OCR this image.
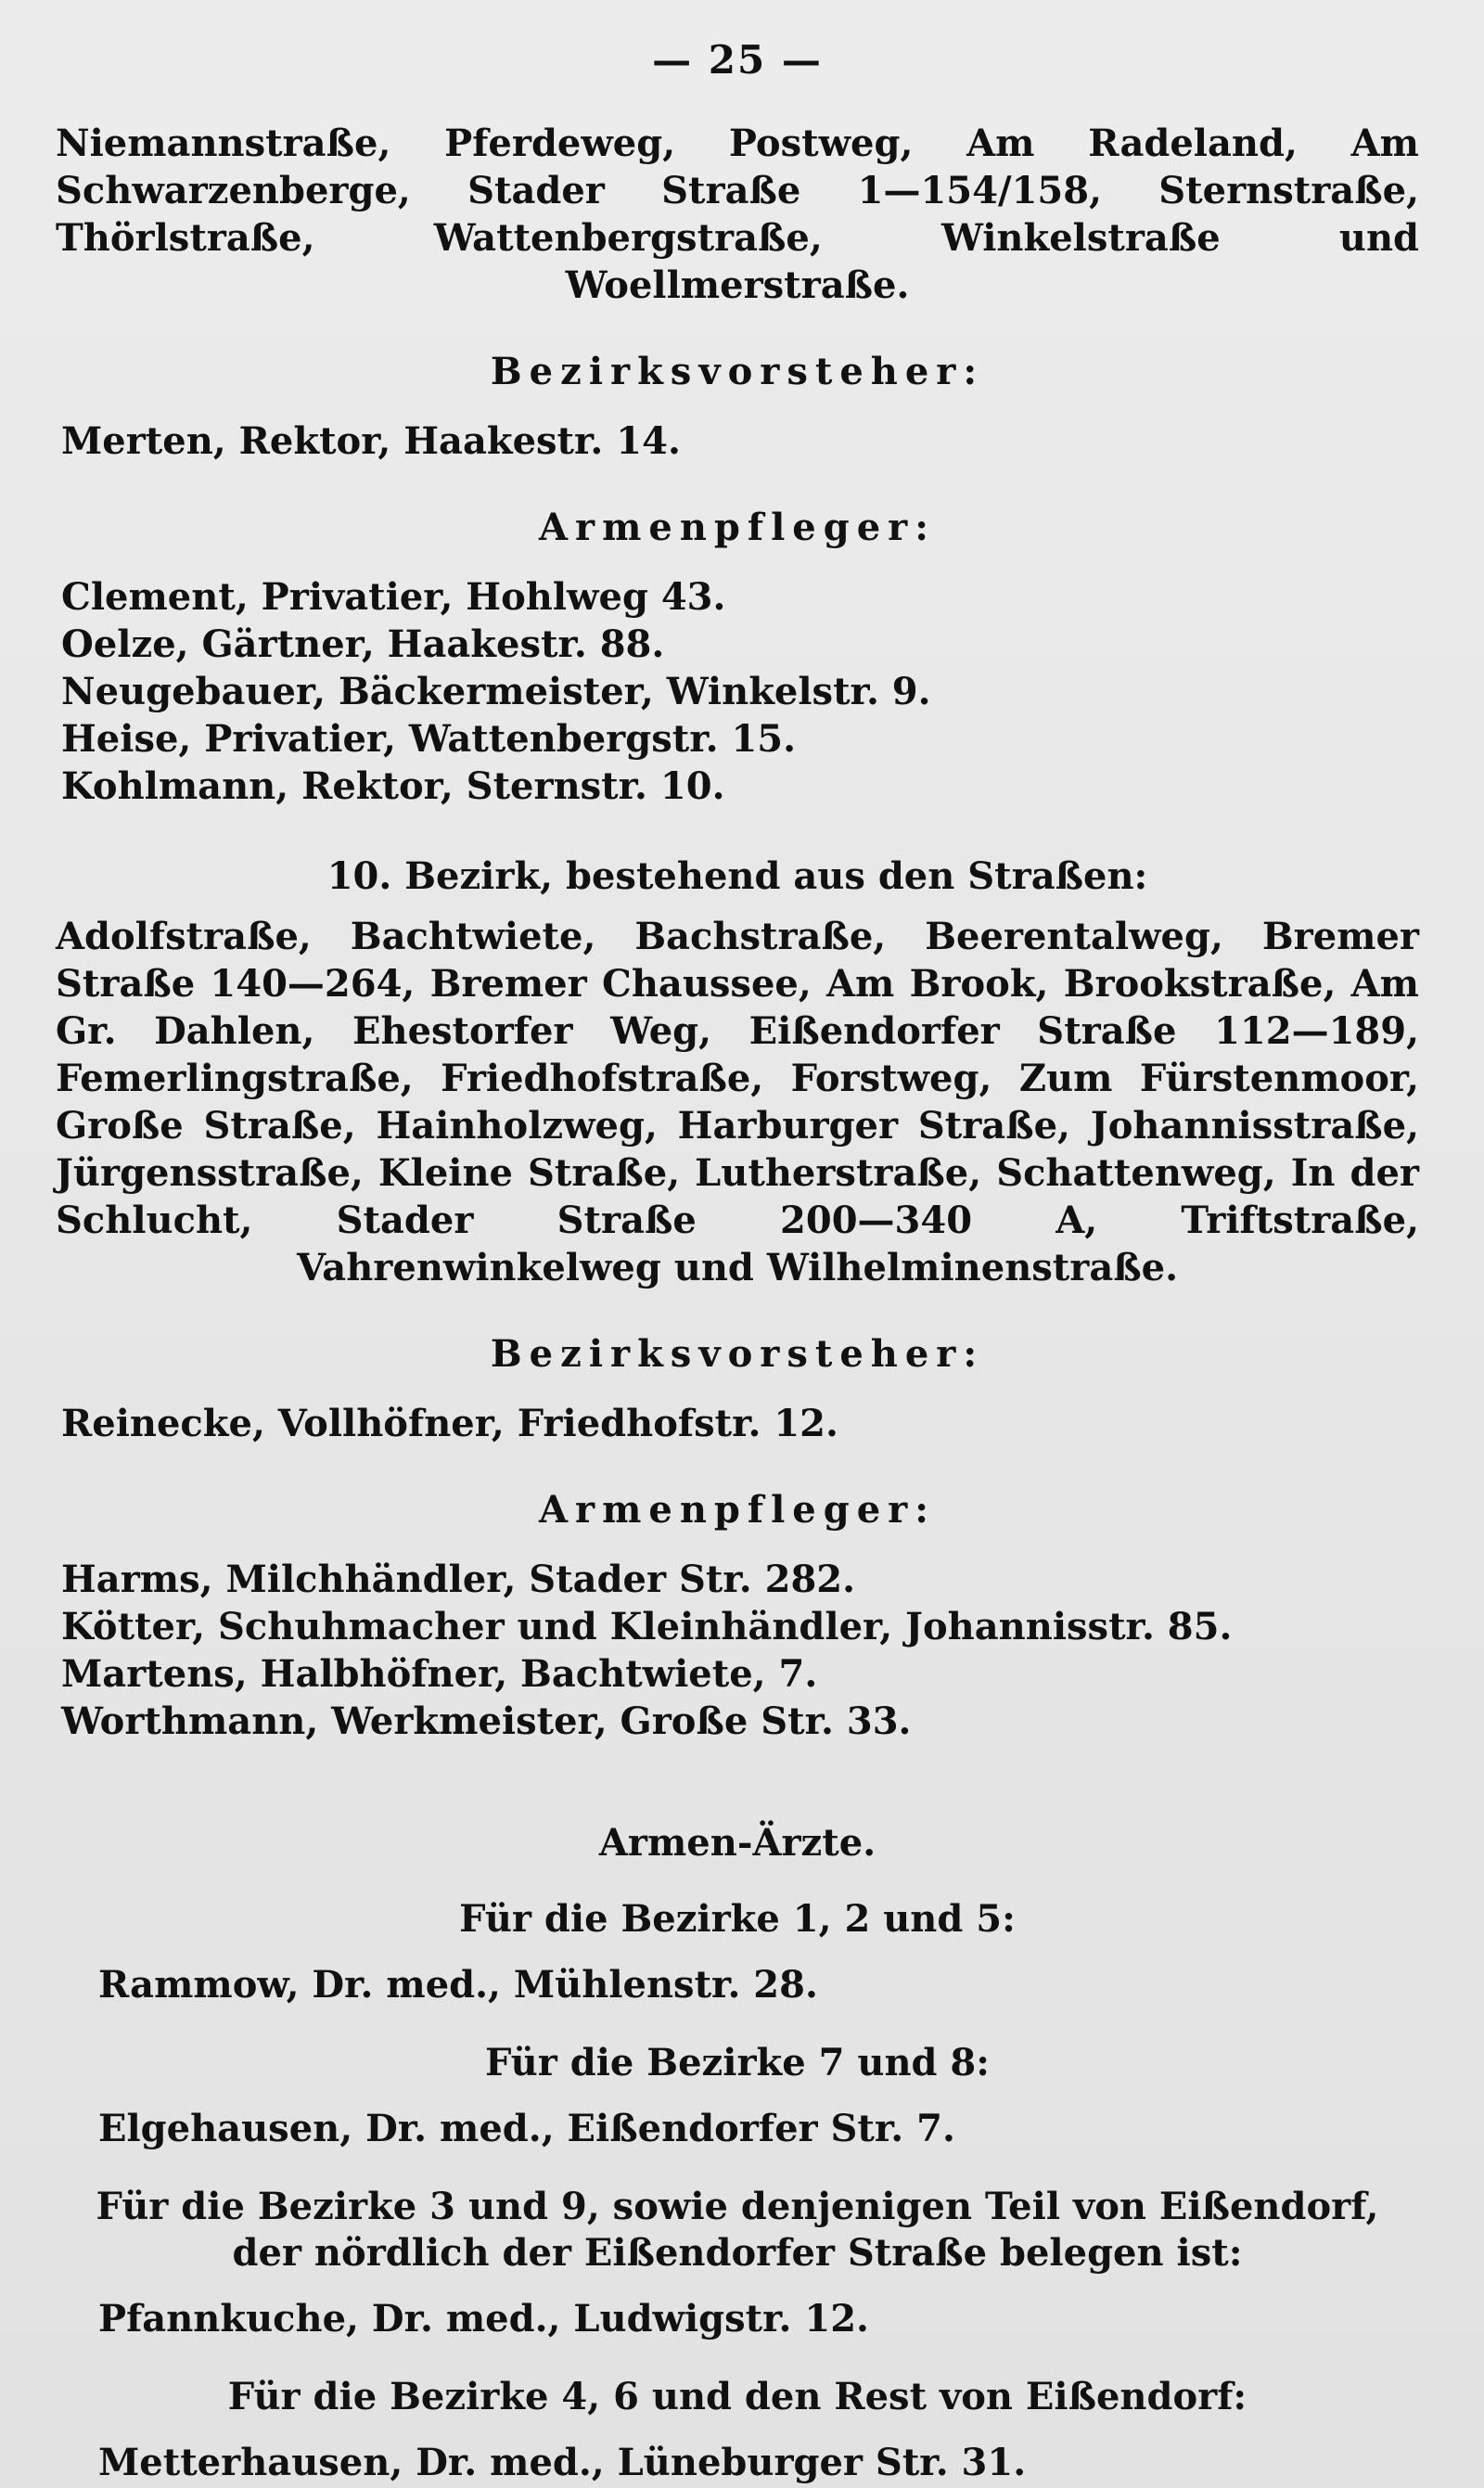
— 25 —

Niemannstraße, Pferdeweg, Postweg, Am Radeland, Am Schwarzenberge, Stader Straße 1—154/158, Sternstraße, Thörlstraße, Wattenbergstraße, Winkelstraße und Woellmerstraße.

Bezirksvorsteher:
Merten, Rektor, Haakestr. 14.
Armenpfleger:
Clement, Privatier, Hohlweg 43.
Oelze, Gärtner, Haakestr. 88.
Neugebauer, Bäckermeister, Winkelstr. 9.
Heise, Privatier, Wattenbergstr. 15.
Kohlmann, Rektor, Sternstr. 10.
10. Bezirk, bestehend aus den Straßen:

Adolfstraße, Bachtwiete, Bachstraße, Beerentalweg, Bremer Straße 140—264, Bremer Chaussee, Am Brook, Brookstraße, Am Gr. Dahlen, Ehestorfer Weg, Eißendorfer Straße 112—189, Femerlingstraße, Friedhofstraße, Forstweg, Zum Fürstenmoor, Große Straße, Hainholzweg, Harburger Straße, Johannisstraße, Jürgensstraße, Kleine Straße, Lutherstraße, Schattenweg, In der Schlucht, Stader Straße 200—340 A, Triftstraße, Vahrenwinkelweg und Wilhelminenstraße.

Bezirksvorsteher:
Reinecke, Vollhöfner, Friedhofstr. 12.
Armenpfleger:
Harms, Milchhändler, Stader Str. 282.
Kötter, Schuhmacher und Kleinhändler, Johannisstr. 85.
Martens, Halbhöfner, Bachtwiete, 7.
Worthmann, Werkmeister, Große Str. 33.
Armen-Ärzte.
Für die Bezirke 1, 2 und 5:
Rammow, Dr. med., Mühlenstr. 28.
Für die Bezirke 7 und 8:
Elgehausen, Dr. med., Eißendorfer Str. 7.
Für die Bezirke 3 und 9, sowie denjenigen Teil von Eißendorf, der nördlich der Eißendorfer Straße belegen ist:
Pfannkuche, Dr. med., Ludwigstr. 12.
Für die Bezirke 4, 6 und den Rest von Eißendorf:
Metterhausen, Dr. med., Lüneburger Str. 31.
